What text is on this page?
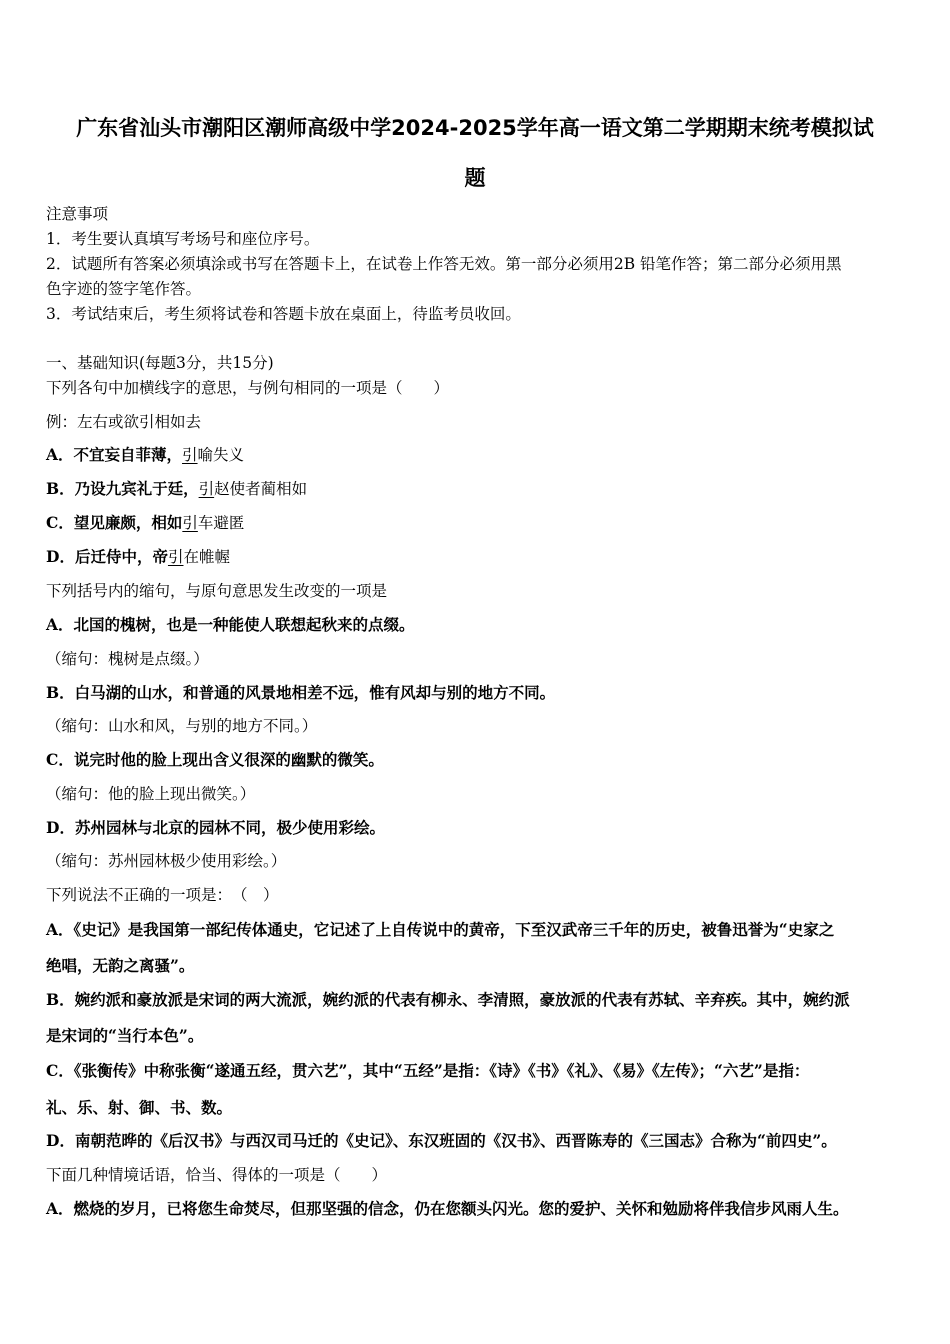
广东省汕头市潮阳区潮师高级中学2024-2025学年高一语文第二学期期末统考模拟试
题
注意事项
1．考生要认真填写考场号和座位序号。
2．试题所有答案必须填涂或书写在答题卡上，在试卷上作答无效。第一部分必须用2B 铅笔作答；第二部分必须用黑
色字迹的签字笔作答。
3．考试结束后，考生须将试卷和答题卡放在桌面上，待监考员收回。
一、基础知识(每题3分，共15分)
下列各句中加横线字的意思，与例句相同的一项是（　　）
例：左右或欲引相如去
A．不宜妄自菲薄，引喻失义
B．乃设九宾礼于廷，引赵使者蔺相如
C．望见廉颇，相如引车避匿
D．后迁侍中，帝引在帷幄
下列括号内的缩句，与原句意思发生改变的一项是
A．北国的槐树，也是一种能使人联想起秋来的点缀。
（缩句：槐树是点缀。）
B．白马湖的山水，和普通的风景地相差不远，惟有风却与别的地方不同。
（缩句：山水和风，与别的地方不同。）
C．说完时他的脸上现出含义很深的幽默的微笑。
（缩句：他的脸上现出微笑。）
D．苏州园林与北京的园林不同，极少使用彩绘。
（缩句：苏州园林极少使用彩绘。）
下列说法不正确的一项是：　（　）
A．《史记》是我国第一部纪传体通史，它记述了上自传说中的黄帝，下至汉武帝三千年的历史，被鲁迅誉为“史家之
绝唱，无韵之离骚”。
B．婉约派和豪放派是宋词的两大流派，婉约派的代表有柳永、李清照，豪放派的代表有苏轼、辛弃疾。其中，婉约派
是宋词的“当行本色”。
C．《张衡传》中称张衡“遂通五经，贯六艺”，其中“五经”是指：《诗》《书》《礼》、《易》《左传》；“六艺”是指：
礼、乐、射、御、书、数。
D．南朝范晔的《后汉书》与西汉司马迁的《史记》、东汉班固的《汉书》、西晋陈寿的《三国志》合称为“前四史”。
下面几种情境话语，恰当、得体的一项是（　　）
A．燃烧的岁月，已将您生命焚尽，但那坚强的信念，仍在您额头闪光。您的爱护、关怀和勉励将伴我信步风雨人生。
